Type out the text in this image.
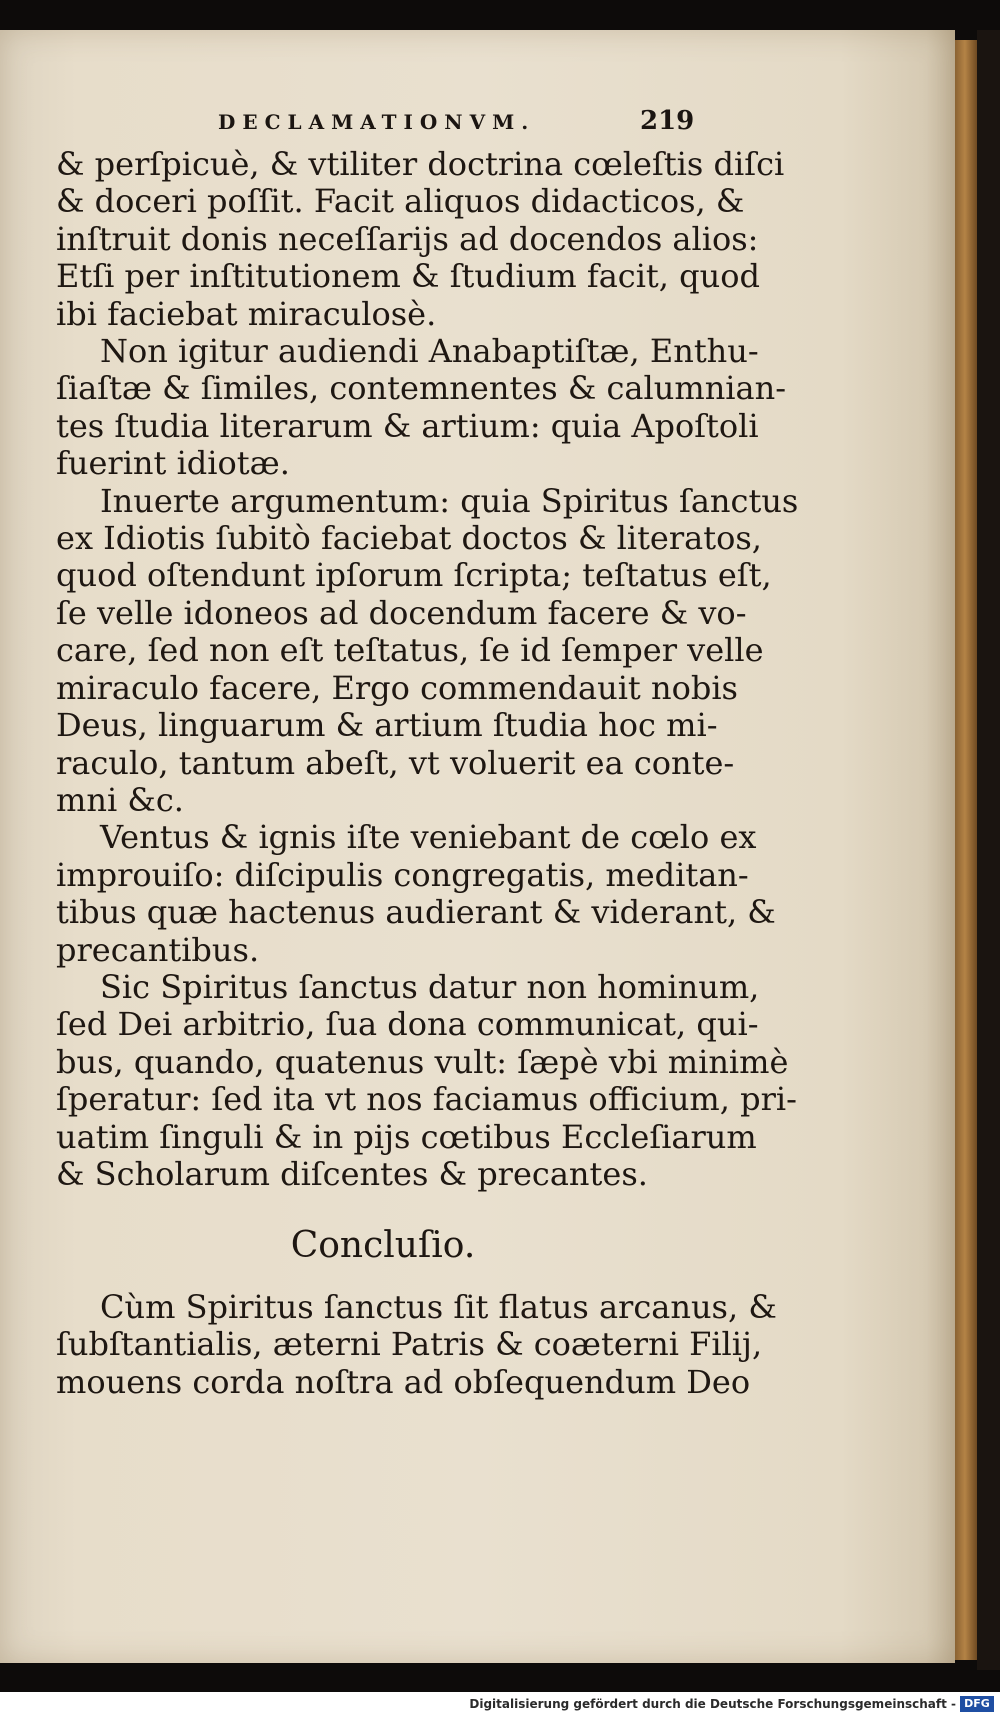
DECLAMATIONVM.	219
& perſpicuè, & vtiliter doctrina cœleſtis diſci
& doceri poſſit. Facit aliquos didacticos, &
inſtruit donis neceſſarijs ad docendos alios:
Etſi per inſtitutionem & ſtudium facit, quod
ibi faciebat miraculosè.
Non igitur audiendi Anabaptiſtæ, Enthu-
ſiaſtæ & ſimiles, contemnentes & calumnian-
tes ſtudia literarum & artium: quia Apoſtoli
fuerint idiotæ.
Inuerte argumentum: quia Spiritus ſanctus
ex Idiotis ſubitò faciebat doctos & literatos,
quod oſtendunt ipſorum ſcripta; teſtatus eſt,
ſe velle idoneos ad docendum facere & vo-
care, ſed non eſt teſtatus, ſe id ſemper velle
miraculo facere, Ergo commendauit nobis
Deus, linguarum & artium ſtudia hoc mi-
raculo, tantum abeſt, vt voluerit ea conte-
mni &c.
Ventus & ignis iſte veniebant de cœlo ex
improuiſo: diſcipulis congregatis, meditan-
tibus quæ hactenus audierant & viderant, &
precantibus.
Sic Spiritus ſanctus datur non hominum,
ſed Dei arbitrio, ſua dona communicat, qui-
bus, quando, quatenus vult: ſæpè vbi minimè
ſperatur: ſed ita vt nos faciamus officium, pri-
uatim ſinguli & in pijs cœtibus Eccleſiarum
& Scholarum diſcentes & precantes.
Concluſio.
Cùm Spiritus ſanctus ſit flatus arcanus, &
ſubſtantialis, æterni Patris & coæterni Filij,
mouens corda noſtra ad obſequendum Deo
Digitalisierung gefördert durch die Deutsche Forschungsgemeinschaft - DFG
